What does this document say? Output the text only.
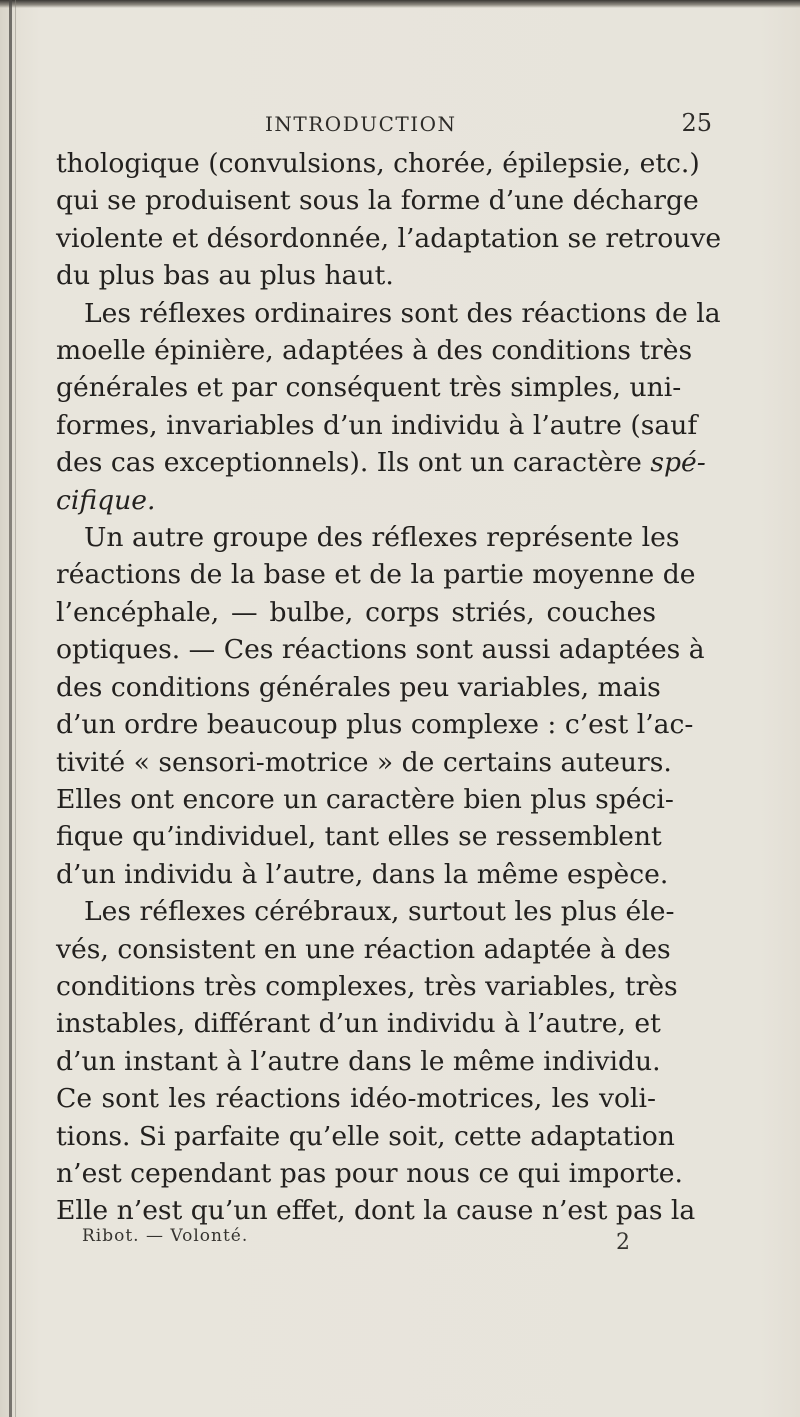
INTRODUCTION	25
thologique (convulsions, chorée, épilepsie, etc.)
qui se produisent sous la forme d’une décharge
violente et désordonnée, l’adaptation se retrouve
du plus bas au plus haut.
Les réflexes ordinaires sont des réactions de la
moelle épinière, adaptées à des conditions très
générales et par conséquent très simples, uni-
formes, invariables d’un individu à l’autre (sauf
des cas exceptionnels). Ils ont un caractère spé-
cifique.
Un autre groupe des réflexes représente les
réactions de la base et de la partie moyenne de
l’encéphale, — bulbe, corps striés, couches
optiques. — Ces réactions sont aussi adaptées à
des conditions générales peu variables, mais
d’un ordre beaucoup plus complexe : c’est l’ac-
tivité « sensori-motrice » de certains auteurs.
Elles ont encore un caractère bien plus spéci-
fique qu’individuel, tant elles se ressemblent
d’un individu à l’autre, dans la même espèce.
Les réflexes cérébraux, surtout les plus éle-
vés, consistent en une réaction adaptée à des
conditions très complexes, très variables, très
instables, différant d’un individu à l’autre, et
d’un instant à l’autre dans le même individu.
Ce sont les réactions idéo-motrices, les voli-
tions. Si parfaite qu’elle soit, cette adaptation
n’est cependant pas pour nous ce qui importe.
Elle n’est qu’un effet, dont la cause n’est pas la
Ribot. — Volonté.	2
